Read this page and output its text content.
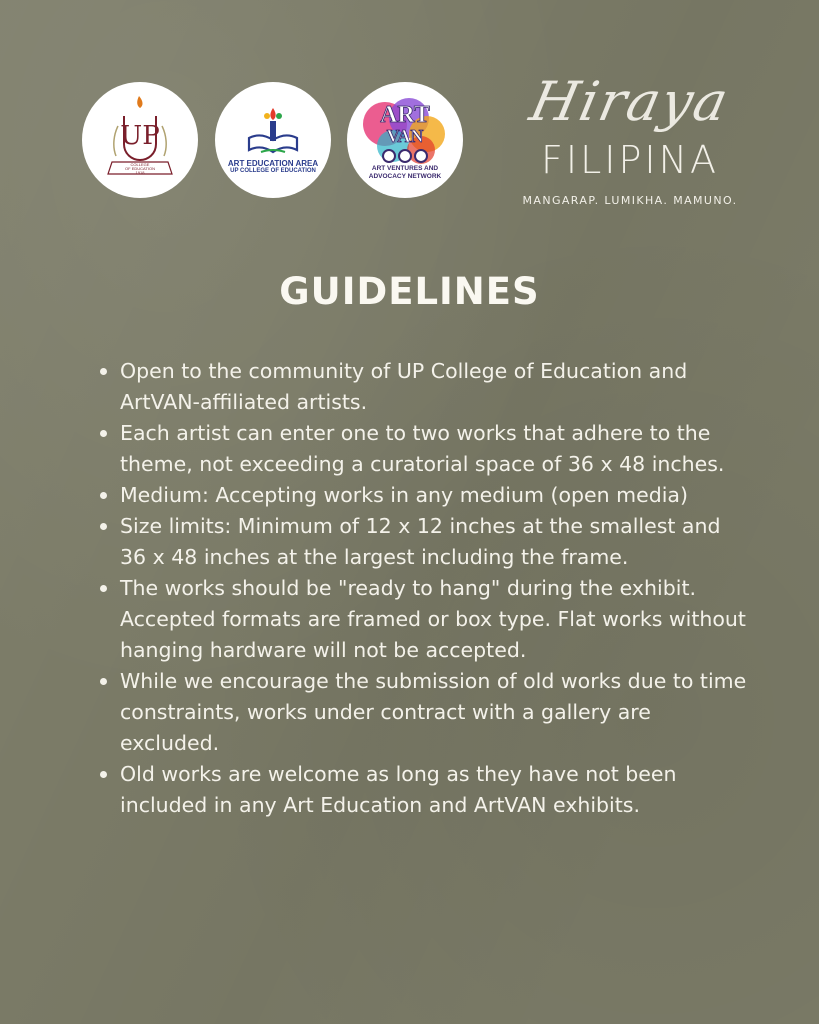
UP
COLLEGE
OF EDUCATION
1918
ART EDUCATION AREA
UP COLLEGE OF EDUCATION
ART
VAN
ART VENTURES AND
ADVOCACY NETWORK
Hiraya
FILIPINA
MANGARAP. LUMIKHA. MAMUNO.
GUIDELINES
Open to the community of UP College of Education and ArtVAN-affiliated artists.
Each artist can enter one to two works that adhere to the theme, not exceeding a curatorial space of 36 x 48 inches.
Medium: Accepting works in any medium (open media)
Size limits: Minimum of 12 x 12 inches at the smallest and 36 x 48 inches at the largest including the frame.
The works should be "ready to hang" during the exhibit. Accepted formats are framed or box type. Flat works without hanging hardware will not be accepted.
While we encourage the submission of old works due to time constraints, works under contract with a gallery are excluded.
Old works are welcome as long as they have not been included in any Art Education and ArtVAN exhibits.
